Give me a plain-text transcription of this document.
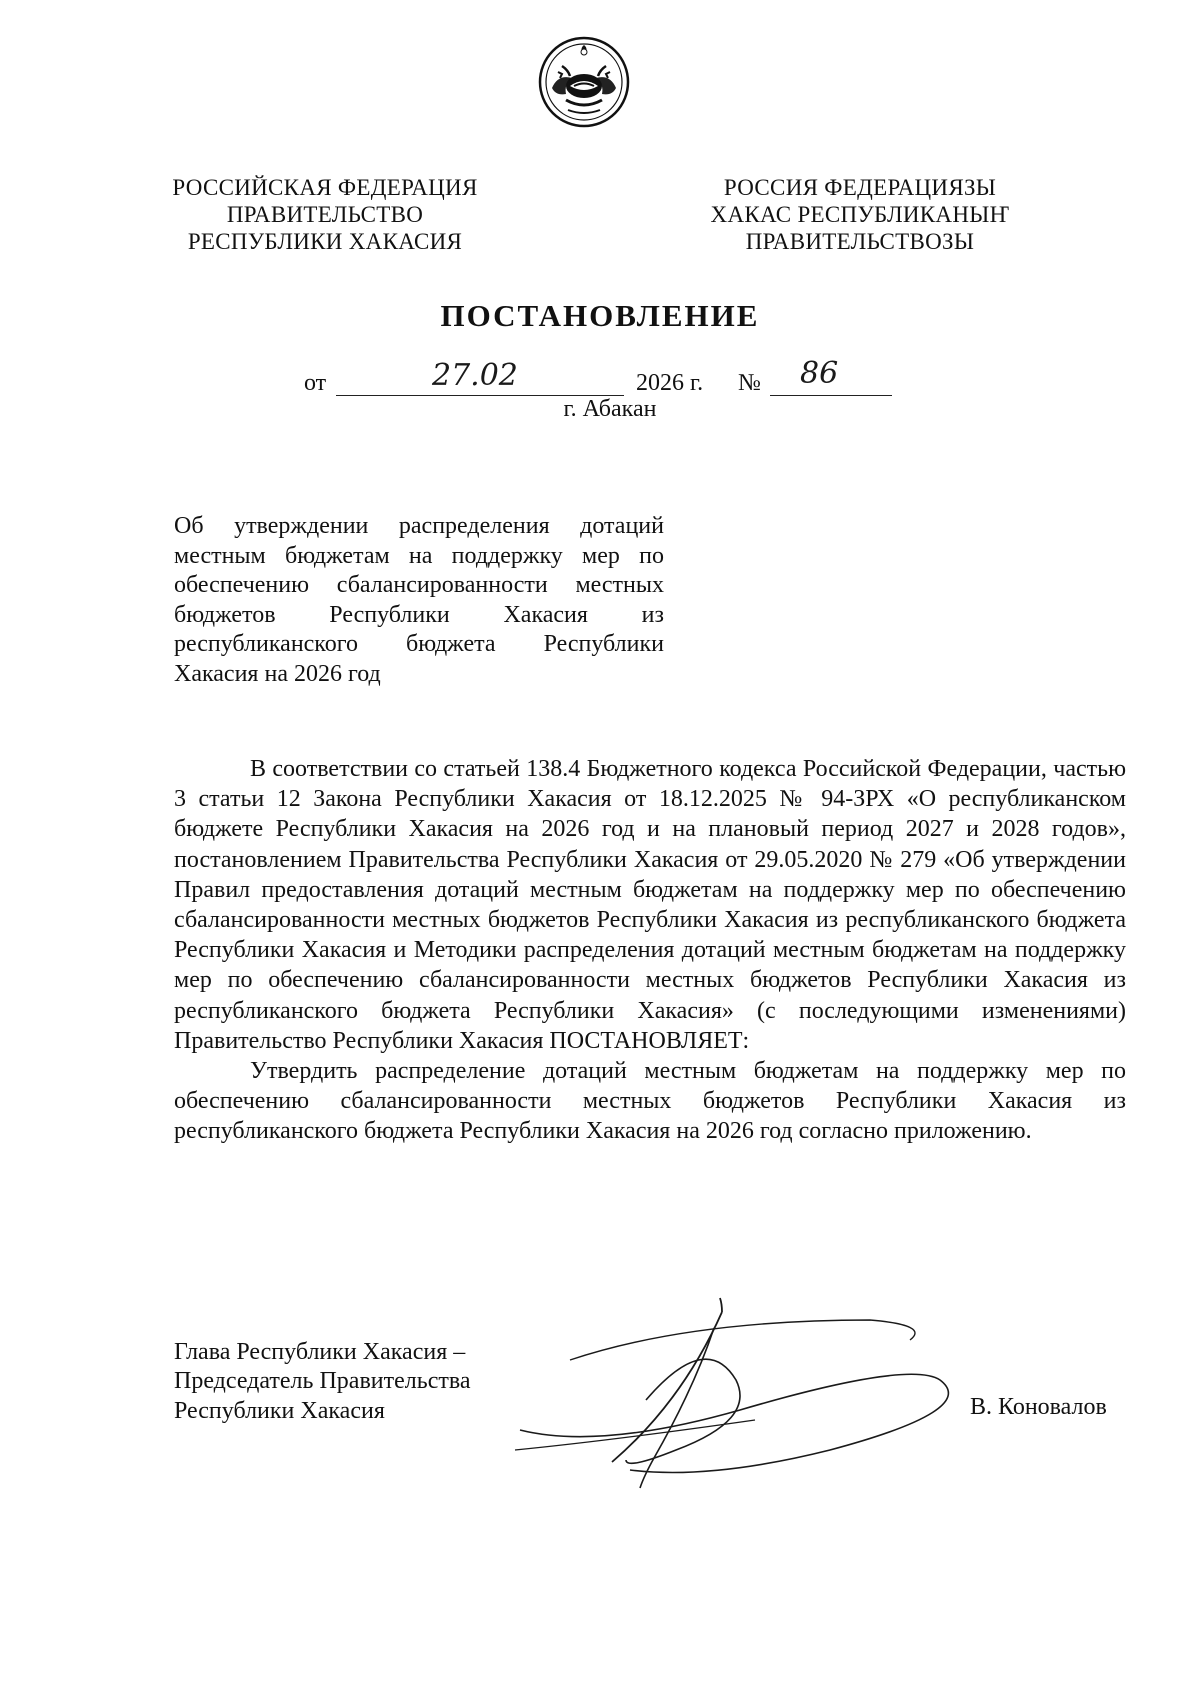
РОССИЙСКАЯ ФЕДЕРАЦИЯ
ПРАВИТЕЛЬСТВО
РЕСПУБЛИКИ ХАКАСИЯ
РОССИЯ ФЕДЕРАЦИЯЗЫ
ХАКАС РЕСПУБЛИКАНЫҤ
ПРАВИТЕЛЬСТВОЗЫ
ПОСТАНОВЛЕНИЕ
от	27.02	2026 г. № 86
г. Абакан
Об утверждении распределения дотаций местным бюджетам на поддержку мер по обеспечению сбалансированности местных бюджетов Республики Хакасия из республиканского бюджета Республики Хакасия на 2026 год

В соответствии со статьей 138.4 Бюджетного кодекса Российской Федерации, частью 3 статьи 12 Закона Республики Хакасия от 18.12.2025 № 94-ЗРХ «О республиканском бюджете Республики Хакасия на 2026 год и на плановый период 2027 и 2028 годов», постановлением Правительства Республики Хакасия от 29.05.2020 № 279 «Об утверждении Правил предоставления дотаций местным бюджетам на поддержку мер по обеспечению сбалансированности местных бюджетов Республики Хакасия из республиканского бюджета Республики Хакасия и Методики распределения дотаций местным бюджетам на поддержку мер по обеспечению сбалансированности местных бюджетов Республики Хакасия из республиканского бюджета Республики Хакасия» (с последующими изменениями) Правительство Республики Хакасия ПОСТАНОВЛЯЕТ:

Утвердить распределение дотаций местным бюджетам на поддержку мер по обеспечению сбалансированности местных бюджетов Республики Хакасия из республиканского бюджета Республики Хакасия на 2026 год согласно приложению.

Глава Республики Хакасия –
Председатель Правительства
Республики Хакасия	В. Коновалов
